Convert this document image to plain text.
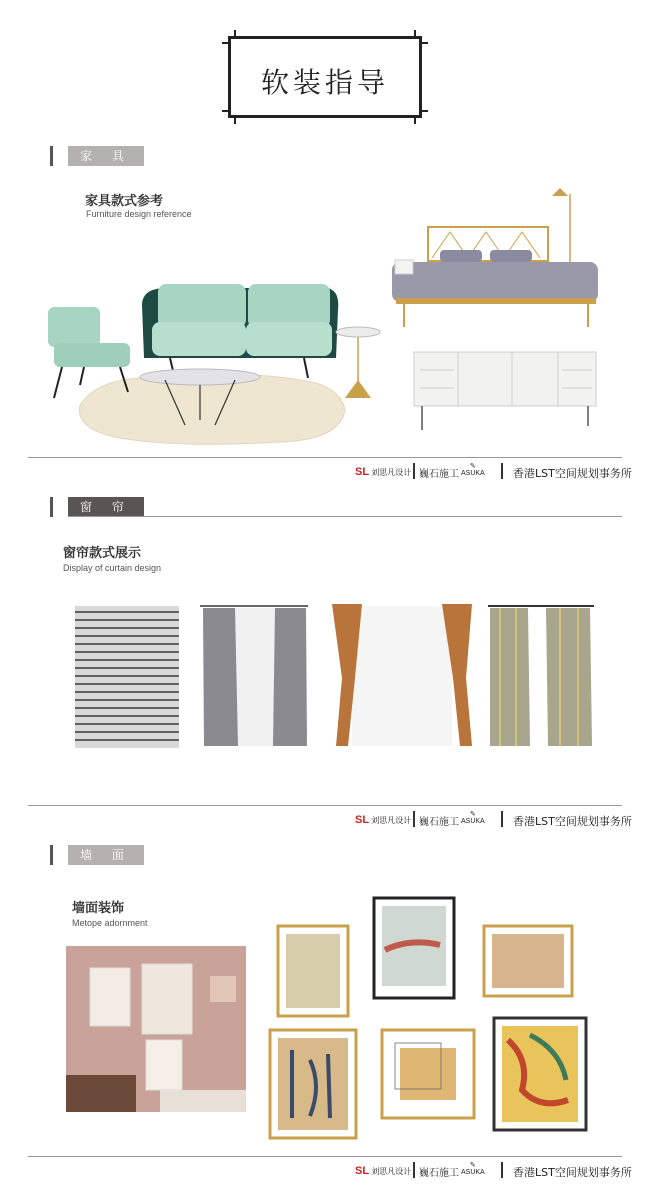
软装指导
家 具
家具款式参考
Furniture design reference
SL 刘思凡设计 巍石施工
✎
ASUKA	香港LST空间规划事务所
窗 帘
窗帘款式展示
Display of curtain design
SL 刘思凡设计 巍石施工
✎
ASUKA	香港LST空间规划事务所
墙 面
墙面装饰
Metope adornment
SL 刘思凡设计 巍石施工
✎
ASUKA	香港LST空间规划事务所
